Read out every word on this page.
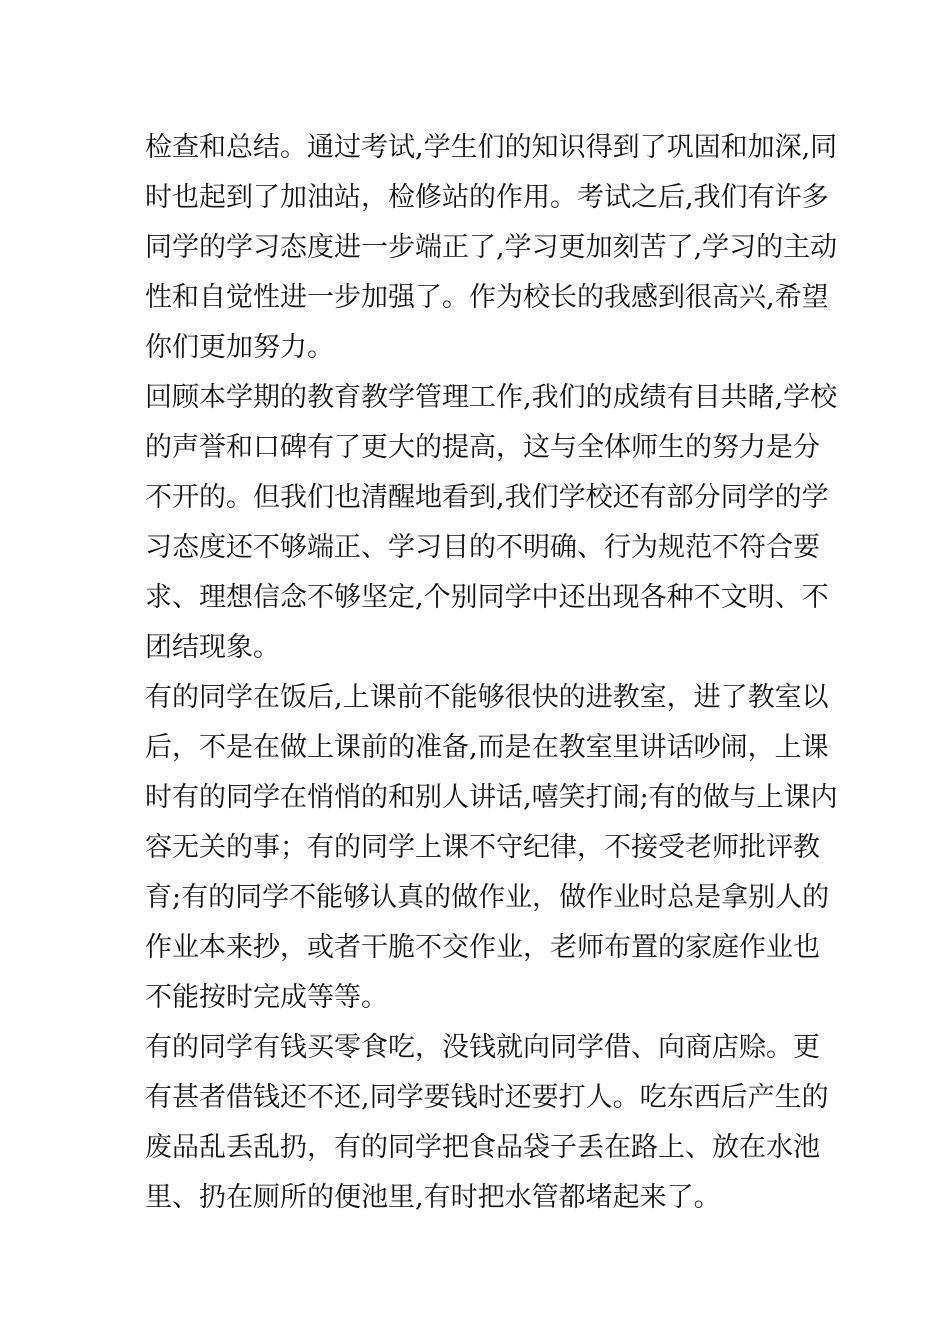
检查和总结。通过考试,学生们的知识得到了巩固和加深,同
时也起到了加油站，检修站的作用。考试之后,我们有许多
同学的学习态度进一步端正了,学习更加刻苦了,学习的主动
性和自觉性进一步加强了。作为校长的我感到很高兴,希望
你们更加努力。
回顾本学期的教育教学管理工作,我们的成绩有目共睹,学校
的声誉和口碑有了更大的提高，这与全体师生的努力是分
不开的。但我们也清醒地看到,我们学校还有部分同学的学
习态度还不够端正、学习目的不明确、行为规范不符合要
求、理想信念不够坚定,个别同学中还出现各种不文明、不
团结现象。
有的同学在饭后,上课前不能够很快的进教室，进了教室以
后，不是在做上课前的准备,而是在教室里讲话吵闹，上课
时有的同学在悄悄的和别人讲话,嘻笑打闹;有的做与上课内
容无关的事；有的同学上课不守纪律，不接受老师批评教
育;有的同学不能够认真的做作业，做作业时总是拿别人的
作业本来抄，或者干脆不交作业，老师布置的家庭作业也
不能按时完成等等。
有的同学有钱买零食吃，没钱就向同学借、向商店赊。更
有甚者借钱还不还,同学要钱时还要打人。吃东西后产生的
废品乱丢乱扔，有的同学把食品袋子丢在路上、放在水池
里、扔在厕所的便池里,有时把水管都堵起来了。
